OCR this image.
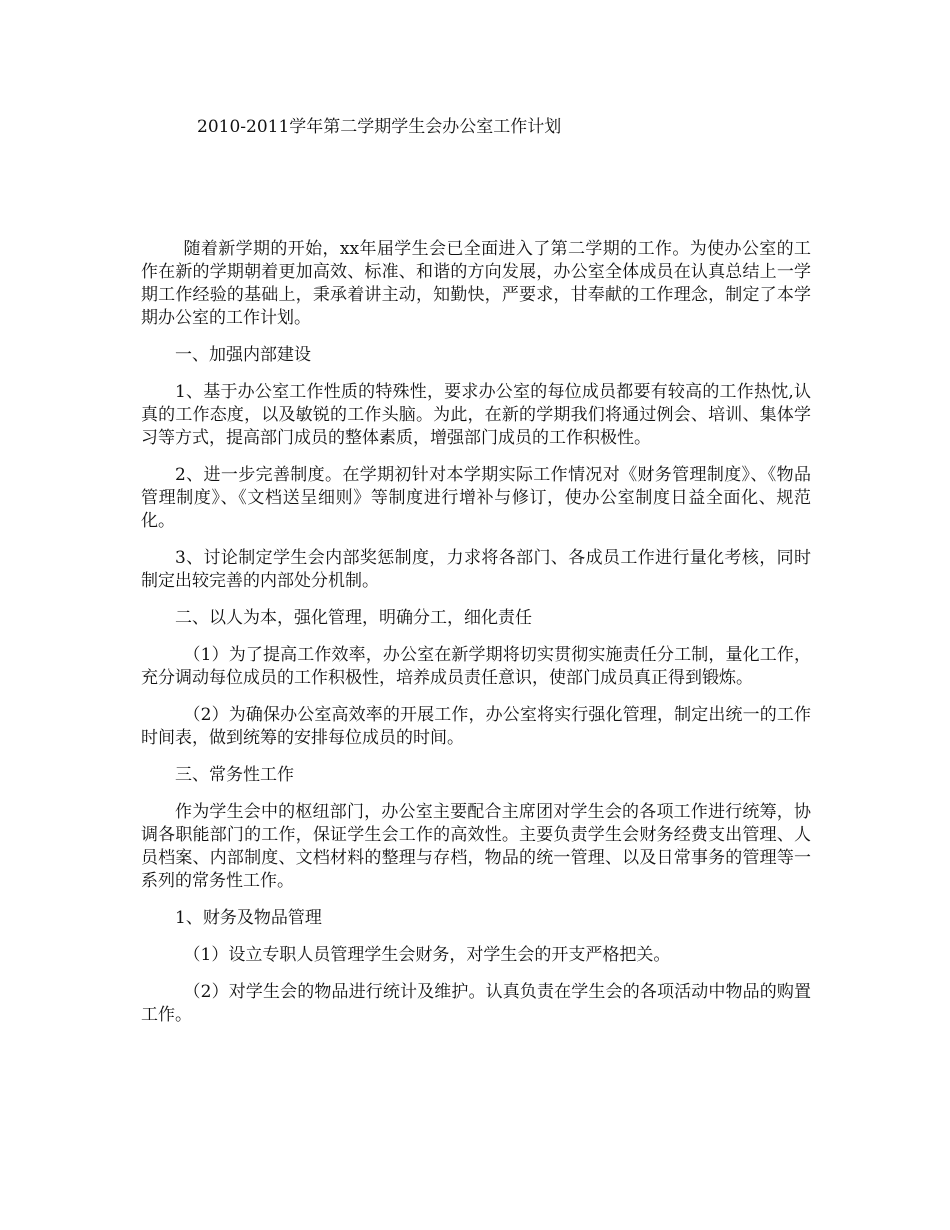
2010-2011学年第二学期学生会办公室工作计划

随着新学期的开始，xx年届学生会已全面进入了第二学期的工作。为使办公室的工作在新的学期朝着更加高效、标准、和谐的方向发展，办公室全体成员在认真总结上一学期工作经验的基础上，秉承着讲主动，知勤快，严要求，甘奉献的工作理念，制定了本学期办公室的工作计划。

一、加强内部建设

1、基于办公室工作性质的特殊性，要求办公室的每位成员都要有较高的工作热忱,认真的工作态度，以及敏锐的工作头脑。为此，在新的学期我们将通过例会、培训、集体学习等方式，提高部门成员的整体素质，增强部门成员的工作积极性。

2、进一步完善制度。在学期初针对本学期实际工作情况对《财务管理制度》、《物品管理制度》、《文档送呈细则》等制度进行增补与修订，使办公室制度日益全面化、规范化。

3、讨论制定学生会内部奖惩制度，力求将各部门、各成员工作进行量化考核，同时制定出较完善的内部处分机制。

二、以人为本，强化管理，明确分工，细化责任

（1）为了提高工作效率，办公室在新学期将切实贯彻实施责任分工制，量化工作，充分调动每位成员的工作积极性，培养成员责任意识，使部门成员真正得到锻炼。

（2）为确保办公室高效率的开展工作，办公室将实行强化管理，制定出统一的工作时间表，做到统筹的安排每位成员的时间。

三、常务性工作

作为学生会中的枢纽部门，办公室主要配合主席团对学生会的各项工作进行统筹，协调各职能部门的工作，保证学生会工作的高效性。主要负责学生会财务经费支出管理、人员档案、内部制度、文档材料的整理与存档，物品的统一管理、以及日常事务的管理等一系列的常务性工作。

1、财务及物品管理

（1）设立专职人员管理学生会财务，对学生会的开支严格把关。

（2）对学生会的物品进行统计及维护。认真负责在学生会的各项活动中物品的购置工作。
